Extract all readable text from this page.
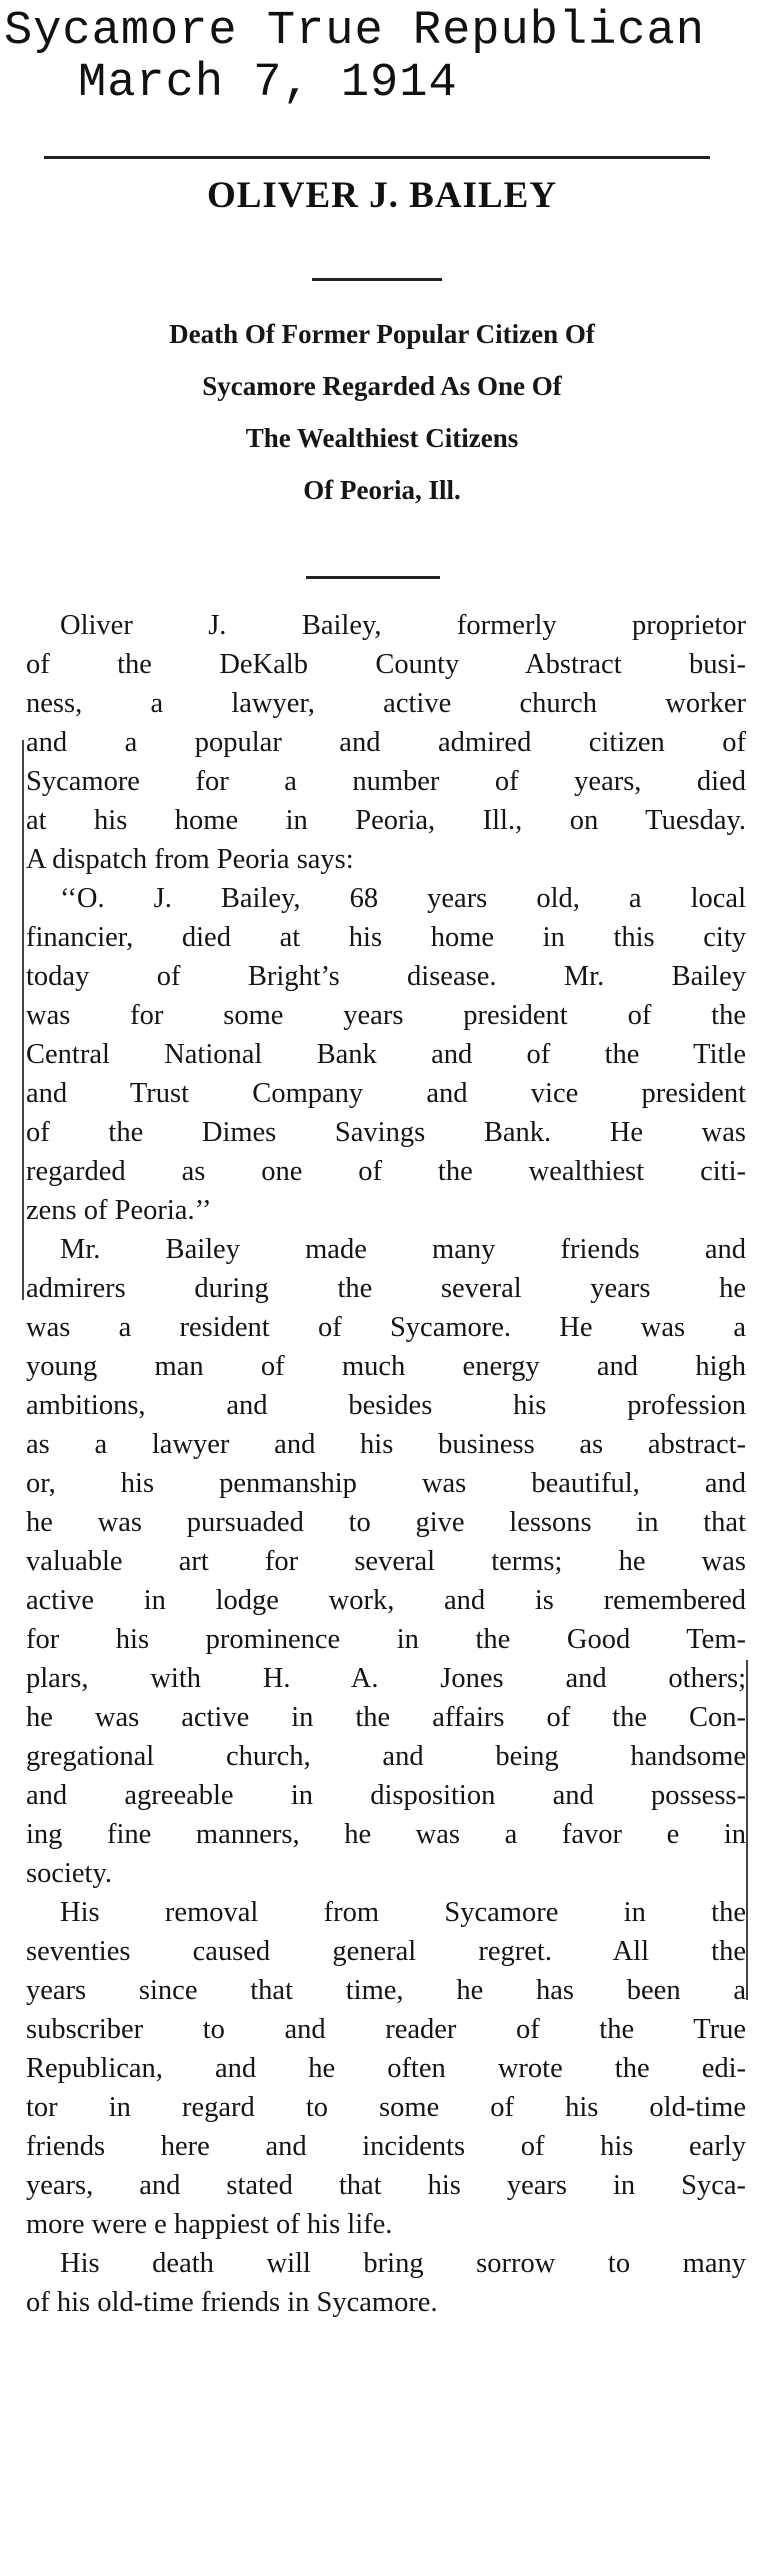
Sycamore True Republican
March 7, 1914
OLIVER J. BAILEY
Death Of Former Popular Citizen Of
Sycamore Regarded As One Of
The Wealthiest Citizens
Of Peoria, Ill.
Oliver J. Bailey, formerly proprietor
of the DeKalb County Abstract busi-
ness, a lawyer, active church worker
and a popular and admired citizen of
Sycamore for a number of years, died
at his home in Peoria, Ill., on Tuesday.
A dispatch from Peoria says:
‘‘O. J. Bailey, 68 years old, a local
financier, died at his home in this city
today of Bright’s disease. Mr. Bailey
was for some years president of the
Central National Bank and of the Title
and Trust Company and vice president
of the Dimes Savings Bank. He was
regarded as one of the wealthiest citi-
zens of Peoria.’’
Mr. Bailey made many friends and
admirers during the several years he
was a resident of Sycamore. He was a
young man of much energy and high
ambitions, and besides his profession
as a lawyer and his business as abstract-
or, his penmanship was beautiful, and
he was pursuaded to give lessons in that
valuable art for several terms; he was
active in lodge work, and is remembered
for his prominence in the Good Tem-
plars, with H. A. Jones and others;
he was active in the affairs of the Con-
gregational church, and being handsome
and agreeable in disposition and possess-
ing fine manners, he was a favor e in
society.
His removal from Sycamore in the
seventies caused general regret. All the
years since that time, he has been a
subscriber to and reader of the True
Republican, and he often wrote the edi-
tor in regard to some of his old-time
friends here and incidents of his early
years, and stated that his years in Syca-
more were e happiest of his life.
His death will bring sorrow to many
of his old-time friends in Sycamore.
